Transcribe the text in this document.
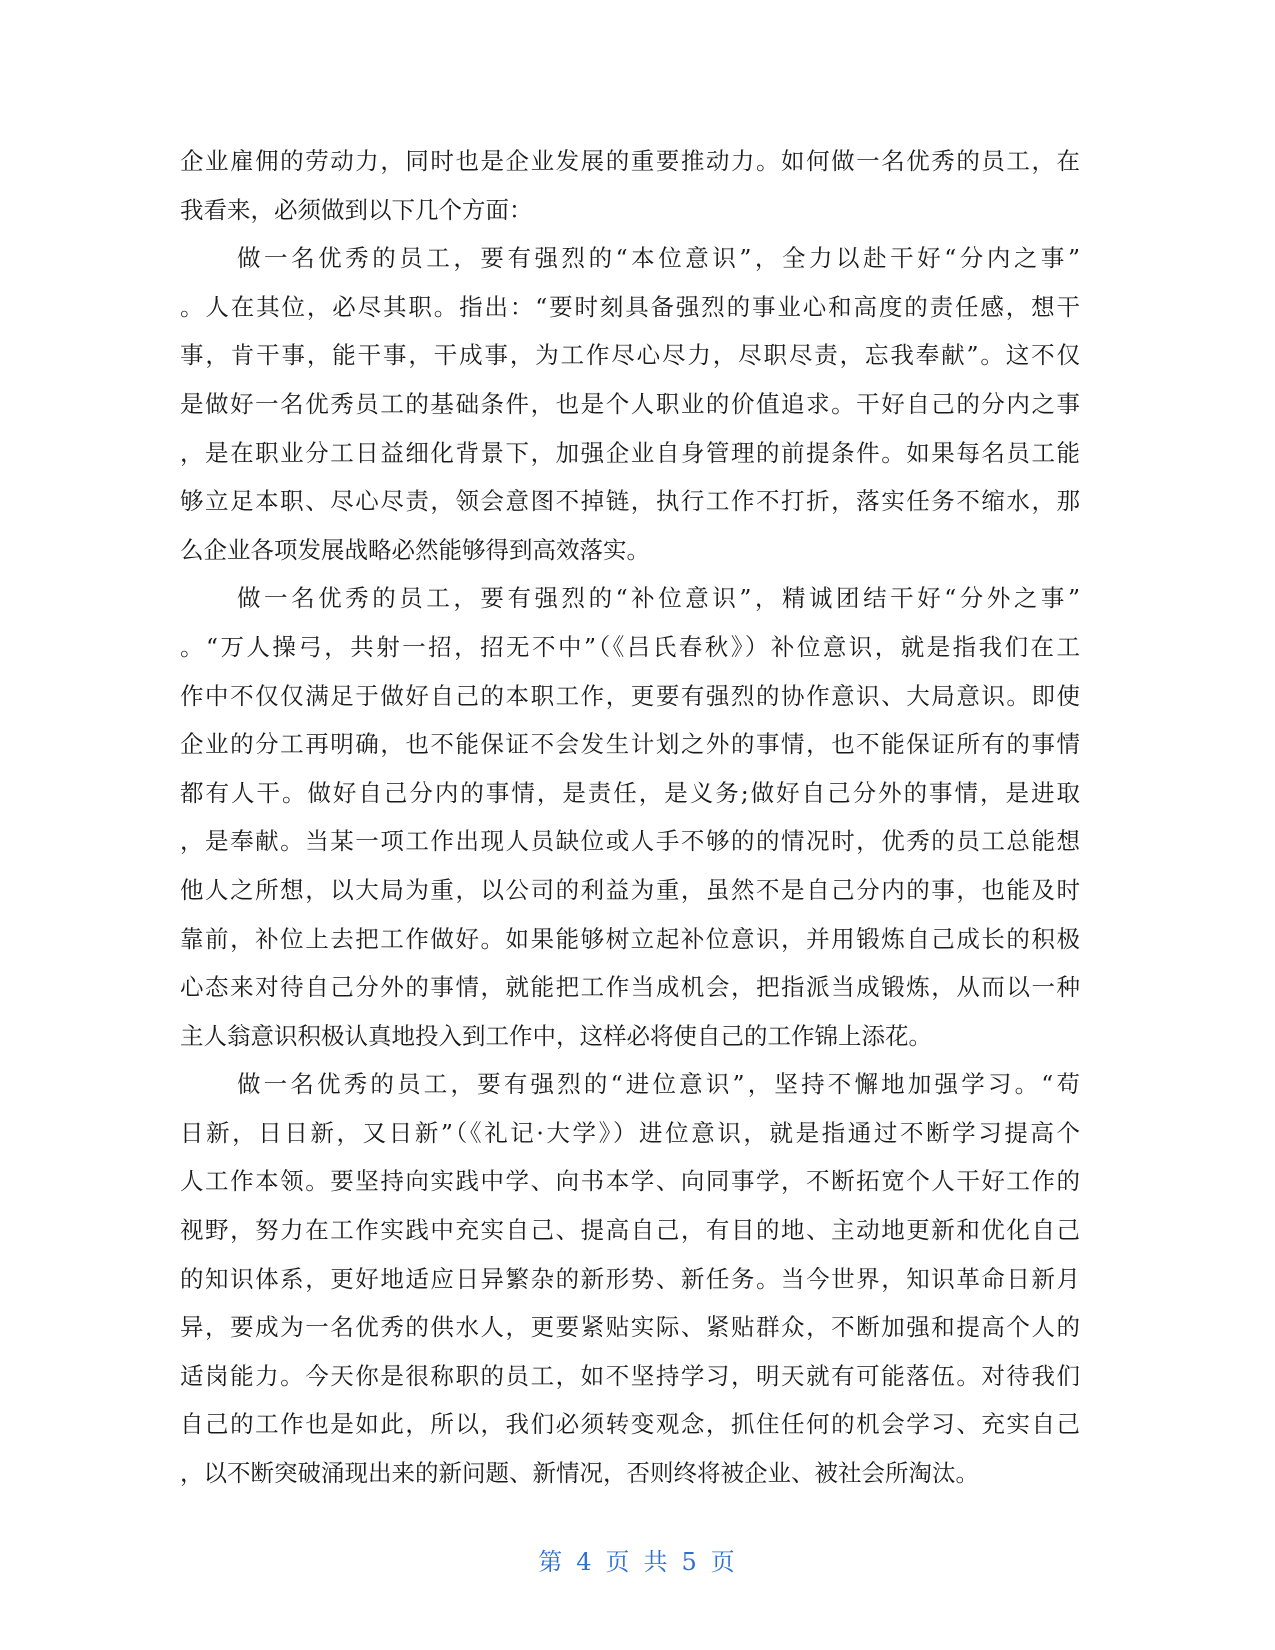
企业雇佣的劳动力，同时也是企业发展的重要推动力。如何做一名优秀的员工，在
我看来，必须做到以下几个方面：
做一名优秀的员工，要有强烈的“本位意识”，全力以赴干好“分内之事”
。人在其位，必尽其职。指出：“要时刻具备强烈的事业心和高度的责任感，想干
事，肯干事，能干事，干成事，为工作尽心尽力，尽职尽责，忘我奉献”。这不仅
是做好一名优秀员工的基础条件，也是个人职业的价值追求。干好自己的分内之事
，是在职业分工日益细化背景下，加强企业自身管理的前提条件。如果每名员工能
够立足本职、尽心尽责，领会意图不掉链，执行工作不打折，落实任务不缩水，那
么企业各项发展战略必然能够得到高效落实。
做一名优秀的员工，要有强烈的“补位意识”，精诚团结干好“分外之事”
。“万人操弓，共射一招，招无不中”（《吕氏春秋》）补位意识，就是指我们在工
作中不仅仅满足于做好自己的本职工作，更要有强烈的协作意识、大局意识。即使
企业的分工再明确，也不能保证不会发生计划之外的事情，也不能保证所有的事情
都有人干。做好自己分内的事情，是责任，是义务;做好自己分外的事情，是进取
，是奉献。当某一项工作出现人员缺位或人手不够的的情况时，优秀的员工总能想
他人之所想，以大局为重，以公司的利益为重，虽然不是自己分内的事，也能及时
靠前，补位上去把工作做好。如果能够树立起补位意识，并用锻炼自己成长的积极
心态来对待自己分外的事情，就能把工作当成机会，把指派当成锻炼，从而以一种
主人翁意识积极认真地投入到工作中，这样必将使自己的工作锦上添花。
做一名优秀的员工，要有强烈的“进位意识”，坚持不懈地加强学习。“苟
日新，日日新，又日新”（《礼记·大学》）进位意识，就是指通过不断学习提高个
人工作本领。要坚持向实践中学、向书本学、向同事学，不断拓宽个人干好工作的
视野，努力在工作实践中充实自己、提高自己，有目的地、主动地更新和优化自己
的知识体系，更好地适应日异繁杂的新形势、新任务。当今世界，知识革命日新月
异，要成为一名优秀的供水人，更要紧贴实际、紧贴群众，不断加强和提高个人的
适岗能力。今天你是很称职的员工，如不坚持学习，明天就有可能落伍。对待我们
自己的工作也是如此，所以，我们必须转变观念，抓住任何的机会学习、充实自己
，以不断突破涌现出来的新问题、新情况，否则终将被企业、被社会所淘汰。
第 4 页 共 5 页
